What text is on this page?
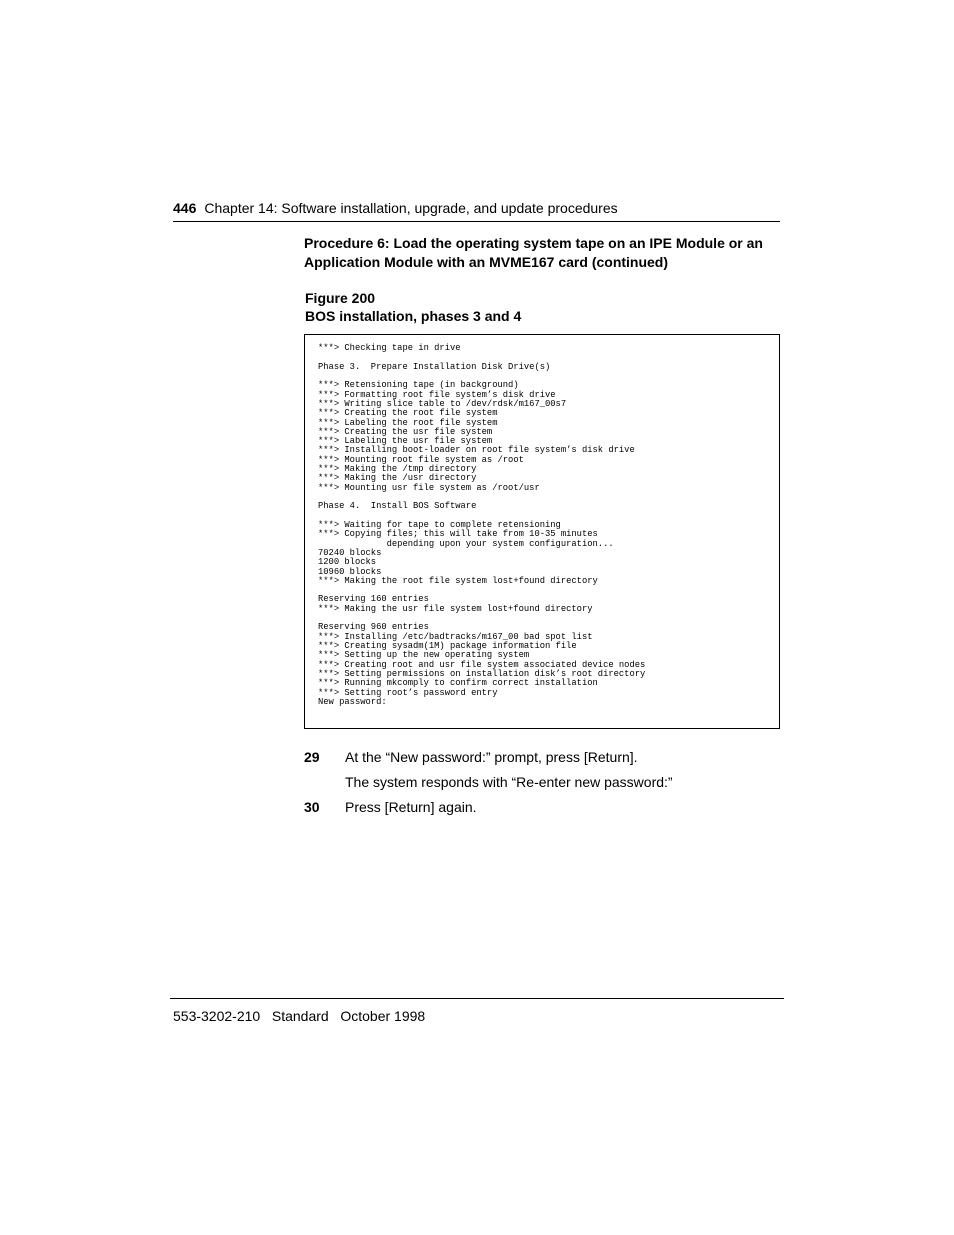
446 Chapter 14: Software installation, upgrade, and update procedures
Procedure 6: Load the operating system tape on an IPE Module or an Application Module with an MVME167 card (continued)
Figure 200
BOS installation, phases 3 and 4
***> Checking tape in drive

Phase 3.  Prepare Installation Disk Drive(s)

***> Retensioning tape (in background)
***> Formatting root file system’s disk drive
***> Writing slice table to /dev/rdsk/m167_00s7
***> Creating the root file system
***> Labeling the root file system
***> Creating the usr file system
***> Labeling the usr file system
***> Installing boot-loader on root file system’s disk drive
***> Mounting root file system as /root
***> Making the /tmp directory
***> Making the /usr directory
***> Mounting usr file system as /root/usr

Phase 4.  Install BOS Software

***> Waiting for tape to complete retensioning
***> Copying files; this will take from 10-35 minutes
depending upon your system configuration...
70240 blocks
1200 blocks
10960 blocks
***> Making the root file system lost+found directory

Reserving 160 entries
***> Making the usr file system lost+found directory

Reserving 960 entries
***> Installing /etc/badtracks/m167_00 bad spot list
***> Creating sysadm(1M) package information file
***> Setting up the new operating system
***> Creating root and usr file system associated device nodes
***> Setting permissions on installation disk’s root directory
***> Running mkcomply to confirm correct installation
***> Setting root’s password entry
New password:
29 At the “New password:” prompt, press [Return].
The system responds with “Re-enter new password:”
30 Press [Return] again.
553-3202-210 Standard October 1998
